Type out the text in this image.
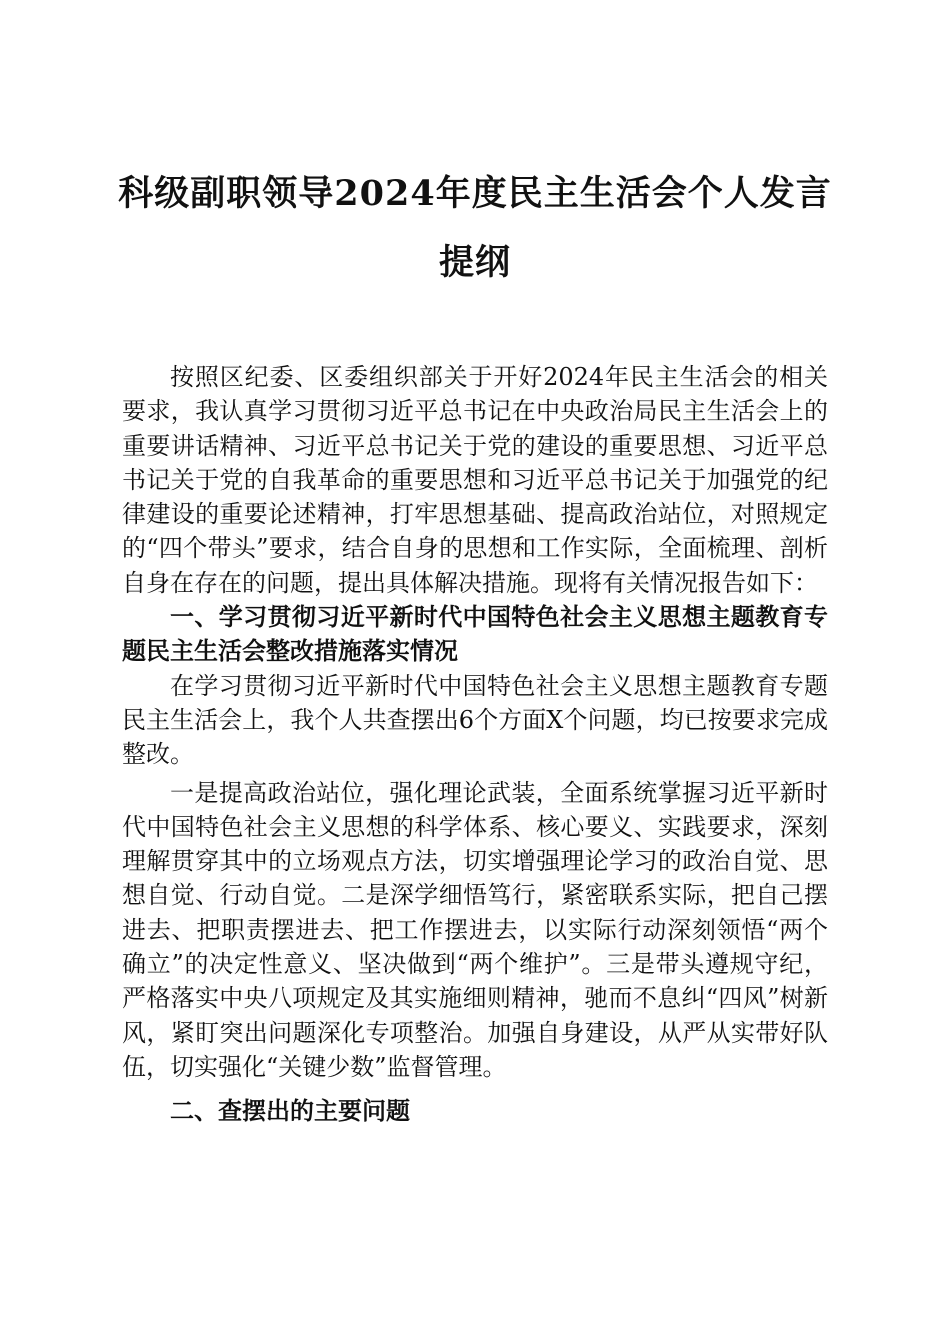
科级副职领导2024年度民主生活会个人发言
提纲

按照区纪委、区委组织部关于开好2024年民主生活会的相关要求，我认真学习贯彻习近平总书记在中央政治局民主生活会上的重要讲话精神、习近平总书记关于党的建设的重要思想、习近平总书记关于党的自我革命的重要思想和习近平总书记关于加强党的纪律建设的重要论述精神，打牢思想基础、提高政治站位，对照规定的“四个带头”要求，结合自身的思想和工作实际，全面梳理、剖析自身在存在的问题，提出具体解决措施。现将有关情况报告如下：

一、学习贯彻习近平新时代中国特色社会主义思想主题教育专题民主生活会整改措施落实情况

在学习贯彻习近平新时代中国特色社会主义思想主题教育专题民主生活会上，我个人共查摆出6个方面X个问题，均已按要求完成整改。

一是提高政治站位，强化理论武装，全面系统掌握习近平新时代中国特色社会主义思想的科学体系、核心要义、实践要求，深刻理解贯穿其中的立场观点方法，切实增强理论学习的政治自觉、思想自觉、行动自觉。二是深学细悟笃行，紧密联系实际，把自己摆进去、把职责摆进去、把工作摆进去，以实际行动深刻领悟“两个确立”的决定性意义、坚决做到“两个维护”。三是带头遵规守纪，严格落实中央八项规定及其实施细则精神，驰而不息纠“四风”树新风，紧盯突出问题深化专项整治。加强自身建设，从严从实带好队伍，切实强化“关键少数”监督管理。

二、查摆出的主要问题
